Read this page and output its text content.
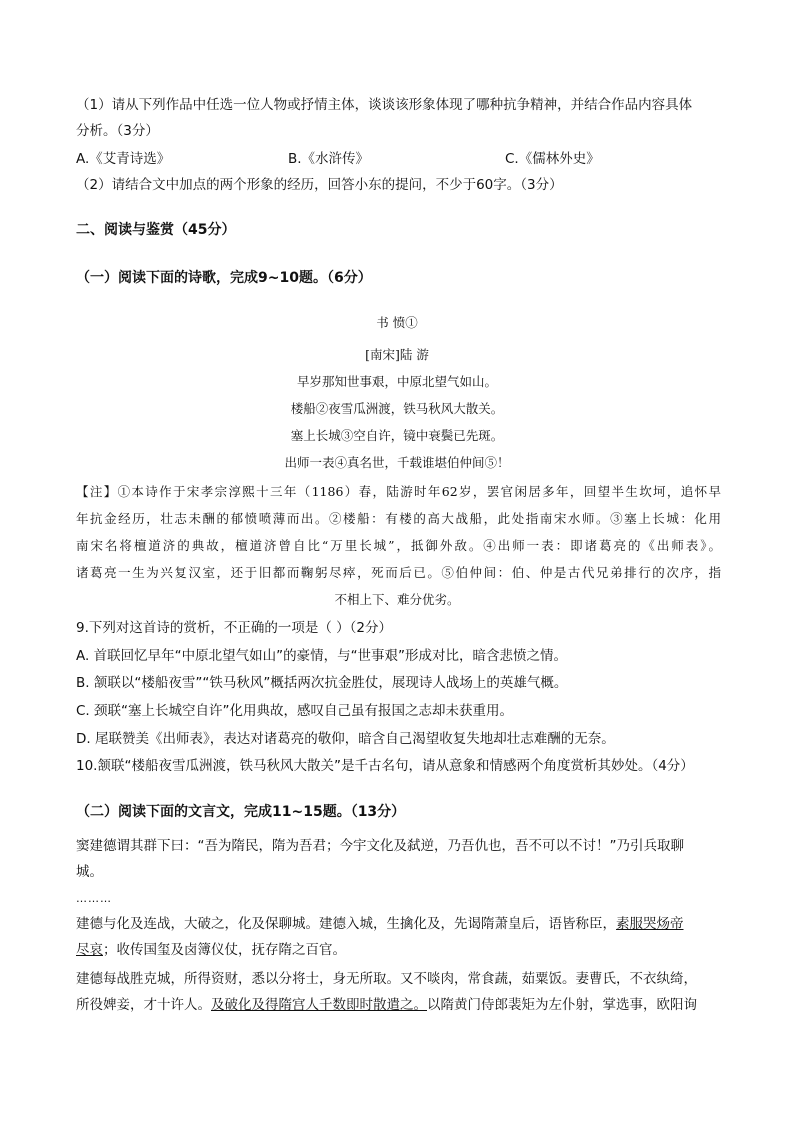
（1）请从下列作品中任选一位人物或抒情主体，谈谈该形象体现了哪种抗争精神，并结合作品内容具体
分析。（3分）
A.《艾青诗选》	B.《水浒传》	C.《儒林外史》
（2）请结合文中加点的两个形象的经历，回答小东的提问，不少于60字。（3分）
二、阅读与鉴赏（45分）
（一）阅读下面的诗歌，完成9~10题。（6分）
书 愤①
[南宋]陆 游
早岁那知世事艰，中原北望气如山。
楼船②夜雪瓜洲渡，铁马秋风大散关。
塞上长城③空自许，镜中衰鬓已先斑。
出师一表④真名世，千载谁堪伯仲间⑤！
【注】①本诗作于宋孝宗淳熙十三年（1186）春，陆游时年62岁，罢官闲居多年，回望半生坎坷，追怀早
年抗金经历，壮志未酬的郁愤喷薄而出。②楼船：有楼的高大战船，此处指南宋水师。③塞上长城：化用
南宋名将檀道济的典故，檀道济曾自比“万里长城”，抵御外敌。④出师一表：即诸葛亮的《出师表》。
诸葛亮一生为兴复汉室，还于旧都而鞠躬尽瘁，死而后已。⑤伯仲间：伯、仲是古代兄弟排行的次序，指
不相上下、难分优劣。
9.下列对这首诗的赏析，不正确的一项是（ ）（2分）
A. 首联回忆早年“中原北望气如山”的豪情，与“世事艰”形成对比，暗含悲愤之情。
B. 颔联以“楼船夜雪”“铁马秋风”概括两次抗金胜仗，展现诗人战场上的英雄气概。
C. 颈联“塞上长城空自许”化用典故，感叹自己虽有报国之志却未获重用。
D. 尾联赞美《出师表》，表达对诸葛亮的敬仰，暗含自己渴望收复失地却壮志难酬的无奈。
10.颔联“楼船夜雪瓜洲渡，铁马秋风大散关”是千古名句，请从意象和情感两个角度赏析其妙处。（4分）
（二）阅读下面的文言文，完成11~15题。（13分）
窦建德谓其群下曰：“吾为隋民，隋为吾君；今宇文化及弑逆，乃吾仇也，吾不可以不讨！”乃引兵取聊
城。
………
建德与化及连战，大破之，化及保聊城。建德入城，生擒化及，先谒隋萧皇后，语皆称臣，素服哭炀帝
尽哀；收传国玺及卤簿仪仗，抚存隋之百官。
建德每战胜克城，所得资财，悉以分将士，身无所取。又不啖肉，常食蔬，茹粟饭。妻曹氏，不衣纨绮，
所役婢妾，才十许人。及破化及得隋宫人千数即时散遣之。以隋黄门侍郎裴矩为左仆射，掌选事，欧阳询
